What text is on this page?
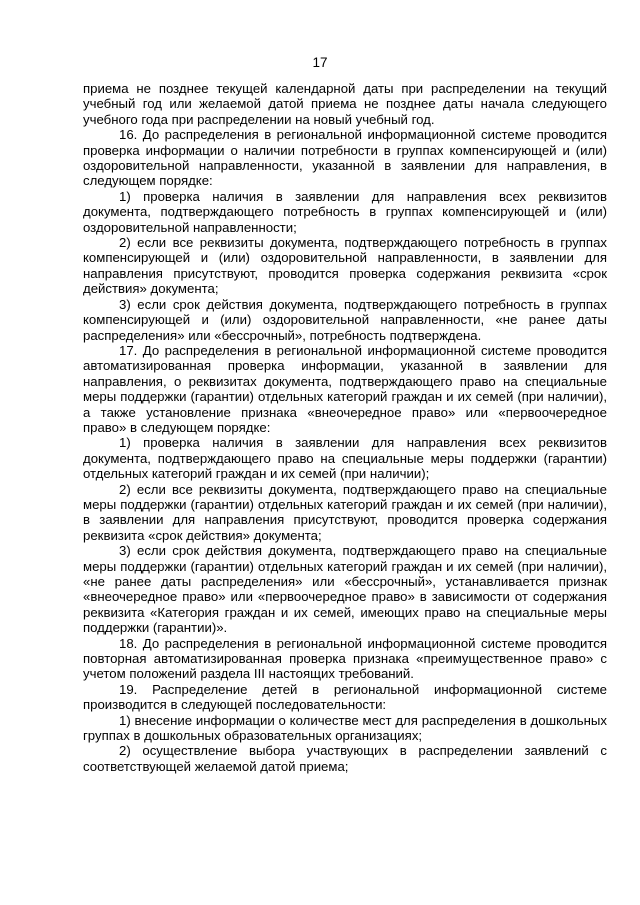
17

приема не позднее текущей календарной даты при распределении на текущий учебный год или желаемой датой приема не позднее даты начала следующего учебного года при распределении на новый учебный год.

16. До распределения в региональной информационной системе проводится проверка информации о наличии потребности в группах компенсирующей и (или) оздоровительной направленности, указанной в заявлении для направления, в следующем порядке:

1) проверка наличия в заявлении для направления всех реквизитов документа, подтверждающего потребность в группах компенсирующей и (или) оздоровительной направленности;

2) если все реквизиты документа, подтверждающего потребность в группах компенсирующей и (или) оздоровительной направленности, в заявлении для направления присутствуют, проводится проверка содержания реквизита «срок действия» документа;

3) если срок действия документа, подтверждающего потребность в группах компенсирующей и (или) оздоровительной направленности, «не ранее даты распределения» или «бессрочный», потребность подтверждена.

17. До распределения в региональной информационной системе проводится автоматизированная проверка информации, указанной в заявлении для направления, о реквизитах документа, подтверждающего право на специальные меры поддержки (гарантии) отдельных категорий граждан и их семей (при наличии), а также установление признака «внеочередное право» или «первоочередное право» в следующем порядке:

1) проверка наличия в заявлении для направления всех реквизитов документа, подтверждающего право на специальные меры поддержки (гарантии) отдельных категорий граждан и их семей (при наличии);

2) если все реквизиты документа, подтверждающего право на специальные меры поддержки (гарантии) отдельных категорий граждан и их семей (при наличии), в заявлении для направления присутствуют, проводится проверка содержания реквизита «срок действия» документа;

3) если срок действия документа, подтверждающего право на специальные меры поддержки (гарантии) отдельных категорий граждан и их семей (при наличии), «не ранее даты распределения» или «бессрочный», устанавливается признак «внеочередное право» или «первоочередное право» в зависимости от содержания реквизита «Категория граждан и их семей, имеющих право на специальные меры поддержки (гарантии)».

18. До распределения в региональной информационной системе проводится повторная автоматизированная проверка признака «преимущественное право» с учетом положений раздела III настоящих требований.

19. Распределение детей в региональной информационной системе производится в следующей последовательности:

1) внесение информации о количестве мест для распределения в дошкольных группах в дошкольных образовательных организациях;

2) осуществление выбора участвующих в распределении заявлений с соответствующей желаемой датой приема;
